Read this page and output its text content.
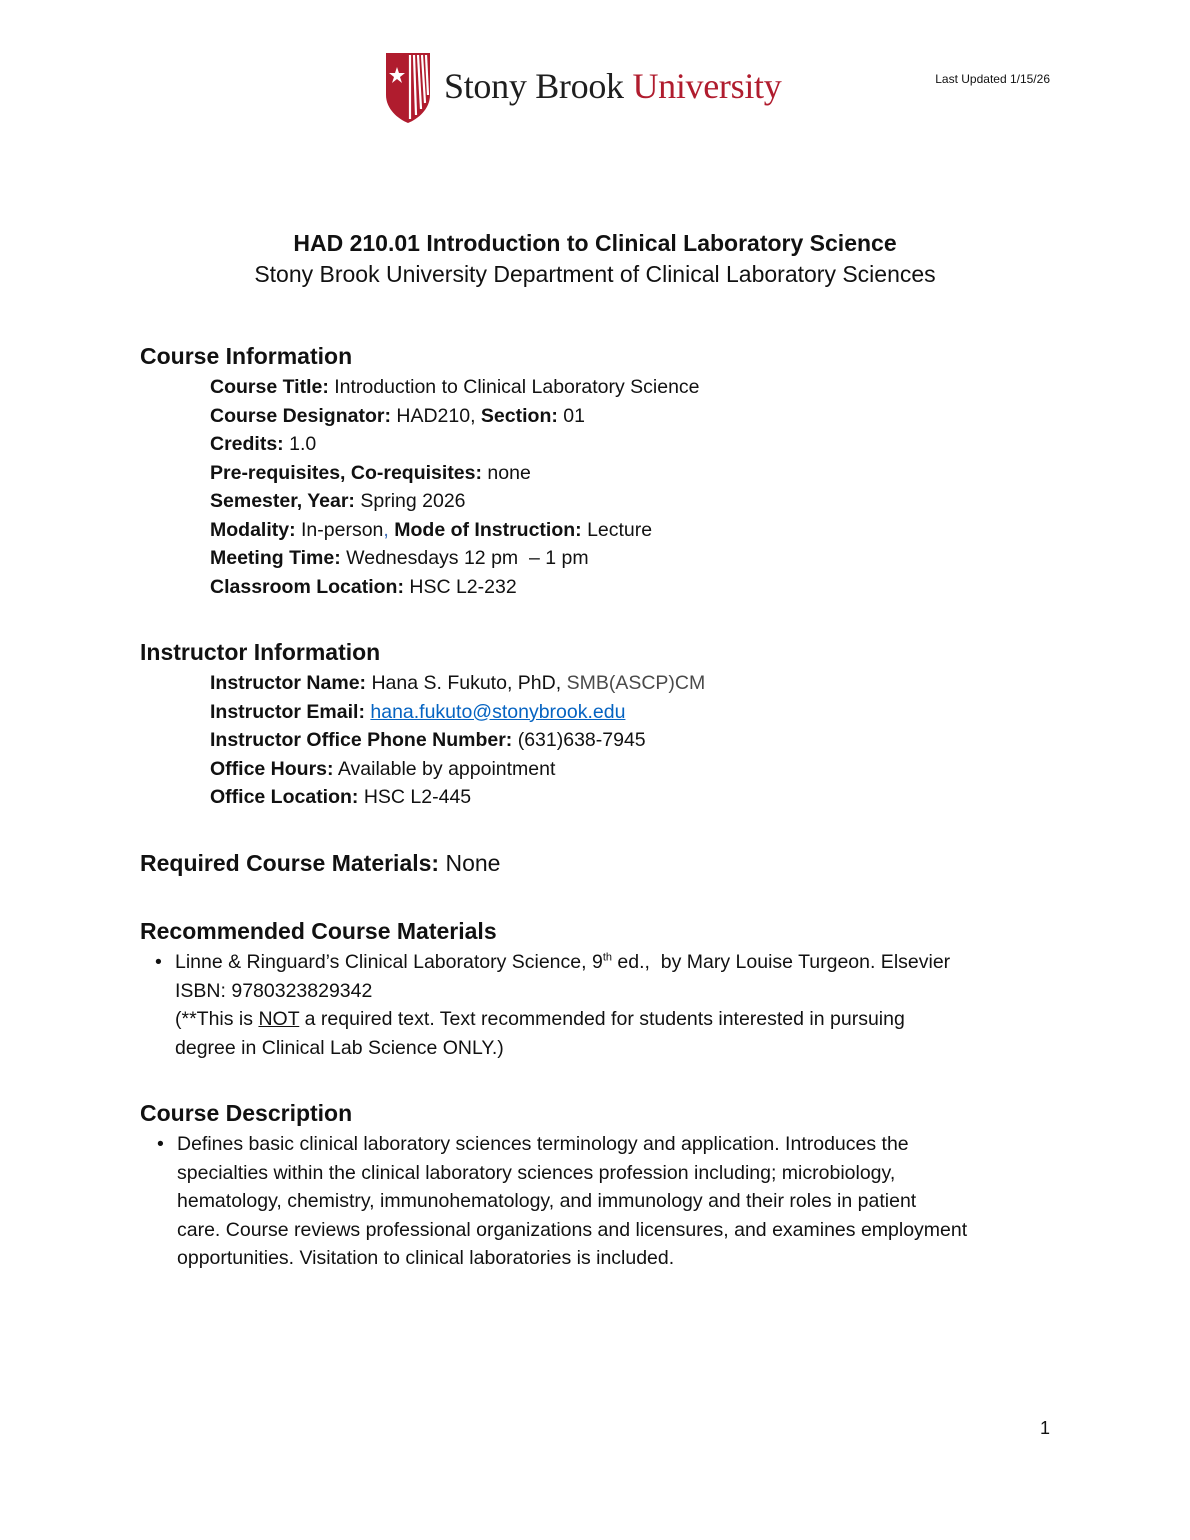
Stony Brook University	Last Updated 1/15/26

HAD 210.01 Introduction to Clinical Laboratory Science

Stony Brook University Department of Clinical Laboratory Sciences

Course Information
Course Title: Introduction to Clinical Laboratory Science
Course Designator: HAD210, Section: 01
Credits: 1.0
Pre-requisites, Co-requisites: none
Semester, Year: Spring 2026
Modality: In-person, Mode of Instruction: Lecture
Meeting Time: Wednesdays 12 pm  – 1 pm
Classroom Location: HSC L2-232
Instructor Information
Instructor Name: Hana S. Fukuto, PhD, SMB(ASCP)CM
Instructor Email: hana.fukuto@stonybrook.edu
Instructor Office Phone Number: (631)638-7945
Office Hours: Available by appointment
Office Location: HSC L2-445
Required Course Materials: None
Recommended Course Materials
• Linne & Ringuard’s Clinical Laboratory Science, 9th ed.,  by Mary Louise Turgeon. Elsevier
ISBN: 9780323829342
(**This is NOT a required text. Text recommended for students interested in pursuing
degree in Clinical Lab Science ONLY.)
Course Description
• Defines basic clinical laboratory sciences terminology and application. Introduces the
specialties within the clinical laboratory sciences profession including; microbiology,
hematology, chemistry, immunohematology, and immunology and their roles in patient
care. Course reviews professional organizations and licensures, and examines employment
opportunities. Visitation to clinical laboratories is included.
1
